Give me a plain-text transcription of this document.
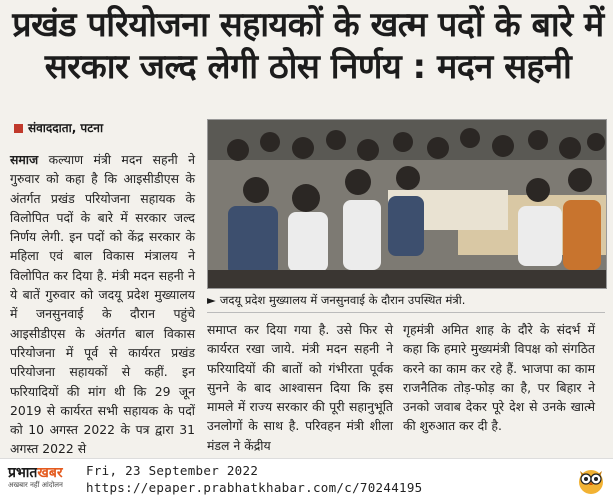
प्रखंड परियोजना सहायकों के खत्म पदों के बारे में सरकार जल्द लेगी ठोस निर्णय : मदन सहनी
संवाददाता, पटना
समाज कल्याण मंत्री मदन सहनी ने गुरुवार को कहा है कि आइसीडीएस के अंतर्गत प्रखंड परियोजना सहायक के विलोपित पदों के बारे में सरकार जल्द निर्णय लेगी. इन पदों को केंद्र सरकार के महिला एवं बाल विकास मंत्रालय ने विलोपित कर दिया है. मंत्री मदन सहनी ने ये बातें गुरुवार को जदयू प्रदेश मुख्यालय में जनसुनवाई के दौरान पहुंचे आइसीडीएस के अंतर्गत बाल विकास परियोजना में पूर्व से कार्यरत प्रखंड परियोजना सहायकों से कहीं. इन फरियादियों की मांग थी कि 29 जून 2019 से कार्यरत सभी सहायक के पदों को 10 अगस्त 2022 के पत्र द्वारा 31 अगस्त 2022 से
► जदयू प्रदेश मुख्यालय में जनसुनवाई के दौरान उपस्थित मंत्री.
समाप्त कर दिया गया है. उसे फिर से कार्यरत रखा जाये. मंत्री मदन सहनी ने फरियादियों की बातों को गंभीरता पूर्वक सुनने के बाद आश्वासन दिया कि इस मामले में राज्य सरकार की पूरी सहानुभूति उनलोगों के साथ है. परिवहन मंत्री शीला मंडल ने केंद्रीय
गृहमंत्री अमित शाह के दौरे के संदर्भ में कहा कि हमारे मुख्यमंत्री विपक्ष को संगठित करने का काम कर रहे हैं. भाजपा का काम राजनैतिक तोड़-फोड़ का है, पर बिहार ने उनको जवाब देकर पूरे देश से उनके खात्मे की शुरुआत कर दी है.
प्रभातखबर
अखबार नहीं आंदोलन
Fri, 23 September 2022
https://epaper.prabhatkhabar.com/c/70244195
